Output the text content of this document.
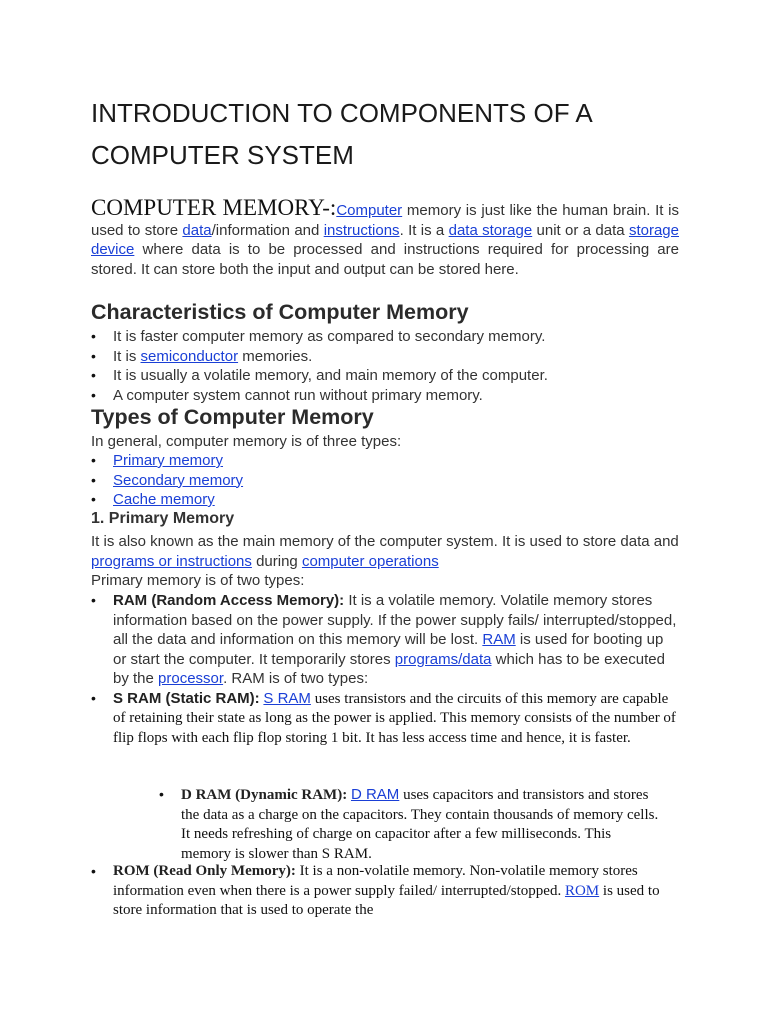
INTRODUCTION TO COMPONENTS OF A COMPUTER SYSTEM
COMPUTER MEMORY-:Computer memory is just like the human brain. It is used to store data/information and instructions. It is a data storage unit or a data storage device where data is to be processed and instructions required for processing are stored. It can store both the input and output can be stored here.
Characteristics of Computer Memory
• It is faster computer memory as compared to secondary memory.
• It is semiconductor memories.
• It is usually a volatile memory, and main memory of the computer.
• A computer system cannot run without primary memory.
Types of Computer Memory
In general, computer memory is of three types:
• Primary memory
• Secondary memory
• Cache memory
1. Primary Memory
It is also known as the main memory of the computer system. It is used to store data and programs or instructions during computer operations
Primary memory is of two types:
• RAM (Random Access Memory): It is a volatile memory. Volatile memory stores information based on the power supply. If the power supply fails/ interrupted/stopped, all the data and information on this memory will be lost. RAM is used for booting up or start the computer. It temporarily stores programs/data which has to be executed by the processor. RAM is of two types:
• S RAM (Static RAM): S RAM uses transistors and the circuits of this memory are capable of retaining their state as long as the power is applied. This memory consists of the number of flip flops with each flip flop storing 1 bit. It has less access time and hence, it is faster.
• D RAM (Dynamic RAM): D RAM uses capacitors and transistors and stores the data as a charge on the capacitors. They contain thousands of memory cells. It needs refreshing of charge on capacitor after a few milliseconds. This memory is slower than S RAM.
• ROM (Read Only Memory): It is a non-volatile memory. Non-volatile memory stores information even when there is a power supply failed/ interrupted/stopped. ROM is used to store information that is used to operate the
